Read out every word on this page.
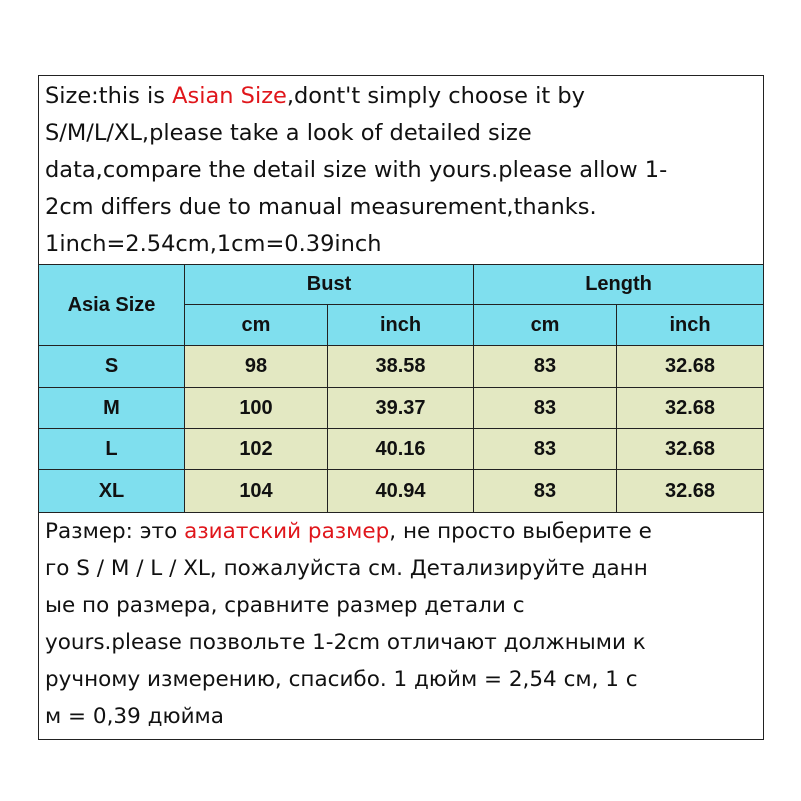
Size:this is Asian Size,dont't simply choose it by
S/M/L/XL,please take a look of detailed size
data,compare the detail size with yours.please allow 1-
2cm differs due to manual measurement,thanks.
1inch=2.54cm,1cm=0.39inch
Asia Size	Bust		Length	
	cm	inch	cm	inch
S	98	38.58	83	32.68
M	100	39.37	83	32.68
L	102	40.16	83	32.68
XL	104	40.94	83	32.68
Размер: это азиатский размер, не просто выберите е
го S / M / L / XL, пожалуйста см. Детализируйте данн
ые по размера, сравните размер детали с
yours.please позвольте 1-2cm отличают должными к
ручному измерению, спасибо. 1 дюйм = 2,54 см, 1 с
м = 0,39 дюйма
